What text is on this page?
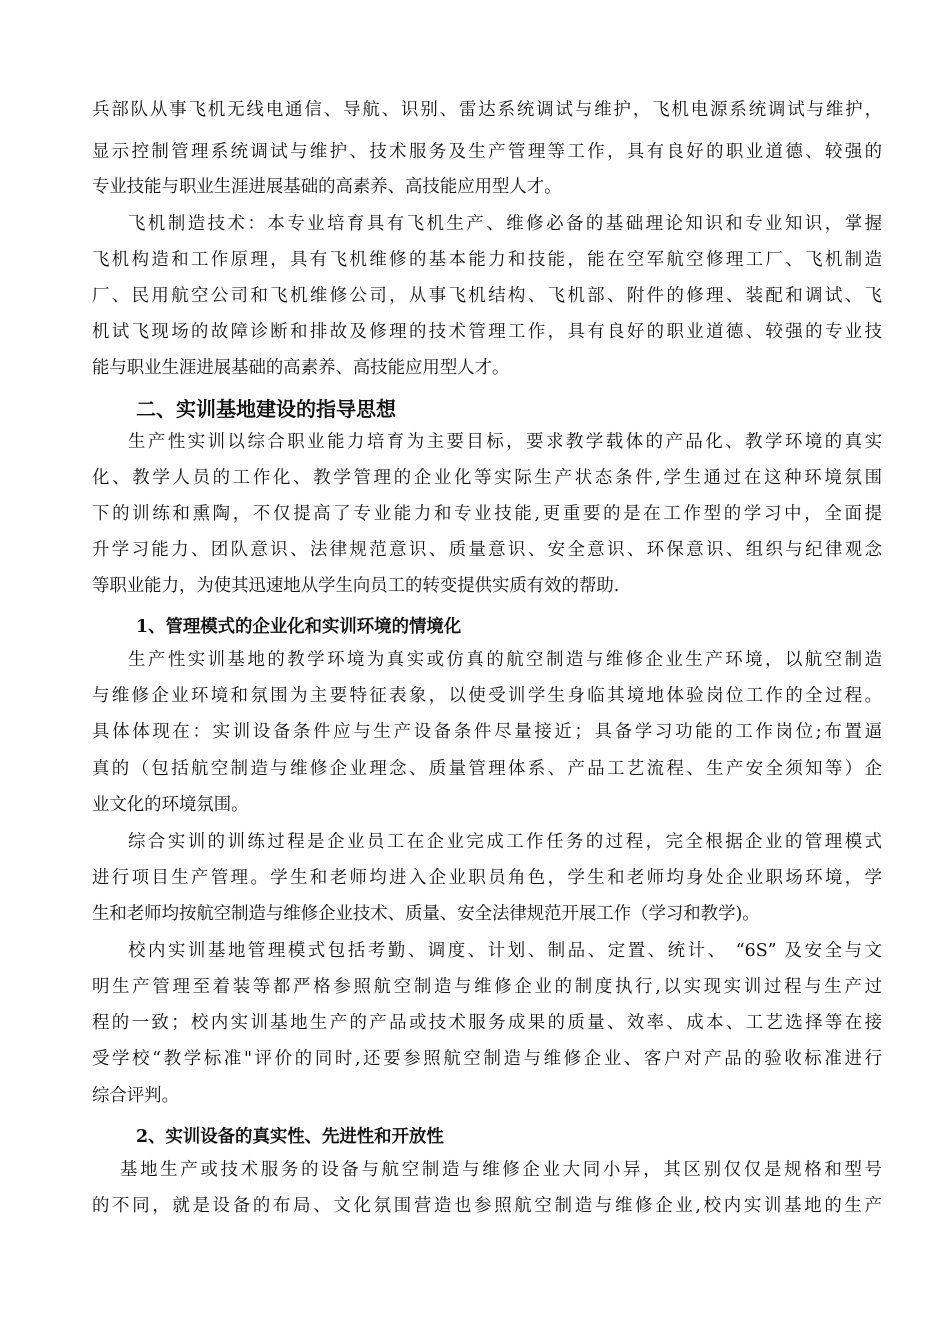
兵部队从事飞机无线电通信、导航、识别、雷达系统调试与维护，飞机电源系统调试与维护，
显示控制管理系统调试与维护、技术服务及生产管理等工作，具有良好的职业道德、较强的
专业技能与职业生涯进展基础的高素养、高技能应用型人才。
飞机制造技术：本专业培育具有飞机生产、维修必备的基础理论知识和专业知识，掌握
飞机构造和工作原理，具有飞机维修的基本能力和技能，能在空军航空修理工厂、飞机制造
厂、民用航空公司和飞机维修公司，从事飞机结构、飞机部、附件的修理、装配和调试、飞
机试飞现场的故障诊断和排故及修理的技术管理工作，具有良好的职业道德、较强的专业技
能与职业生涯进展基础的高素养、高技能应用型人才。
二、实训基地建设的指导思想
生产性实训以综合职业能力培育为主要目标，要求教学载体的产品化、教学环境的真实
化、教学人员的工作化、教学管理的企业化等实际生产状态条件,学生通过在这种环境氛围
下的训练和熏陶，不仅提高了专业能力和专业技能,更重要的是在工作型的学习中，全面提
升学习能力、团队意识、法律规范意识、质量意识、安全意识、环保意识、组织与纪律观念
等职业能力，为使其迅速地从学生向员工的转变提供实质有效的帮助.
1、管理模式的企业化和实训环境的情境化
生产性实训基地的教学环境为真实或仿真的航空制造与维修企业生产环境，以航空制造
与维修企业环境和氛围为主要特征表象，以使受训学生身临其境地体验岗位工作的全过程。
具体体现在：实训设备条件应与生产设备条件尽量接近；具备学习功能的工作岗位;布置逼
真的（包括航空制造与维修企业理念、质量管理体系、产品工艺流程、生产安全须知等）企
业文化的环境氛围。
综合实训的训练过程是企业员工在企业完成工作任务的过程，完全根据企业的管理模式
进行项目生产管理。学生和老师均进入企业职员角色，学生和老师均身处企业职场环境，学
生和老师均按航空制造与维修企业技术、质量、安全法律规范开展工作（学习和教学)。
校内实训基地管理模式包括考勤、调度、计划、制品、定置、统计、 “6S” 及安全与文
明生产管理至着装等都严格参照航空制造与维修企业的制度执行,以实现实训过程与生产过
程的一致；校内实训基地生产的产品或技术服务成果的质量、效率、成本、工艺选择等在接
受学校“教学标准"评价的同时,还要参照航空制造与维修企业、客户对产品的验收标准进行
综合评判。
2、实训设备的真实性、先进性和开放性
基地生产或技术服务的设备与航空制造与维修企业大同小异，其区别仅仅是规格和型号
的不同，就是设备的布局、文化氛围营造也参照航空制造与维修企业,校内实训基地的生产
